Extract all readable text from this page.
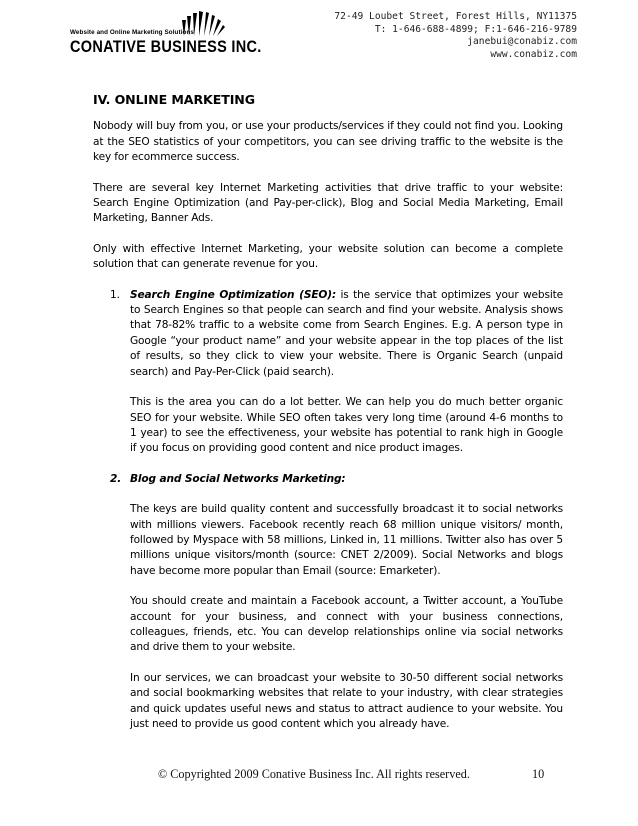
Website and Online Marketing Solutions
CONATIVE BUSINESS INC.
72-49 Loubet Street, Forest Hills, NY11375
T: 1-646-688-4899; F:1-646-216-9789
janebui@conabiz.com
www.conabiz.com
IV. ONLINE MARKETING

Nobody will buy from you, or use your products/services if they could not find you. Looking at the SEO statistics of your competitors, you can see driving traffic to the website is the key for ecommerce success.

There are several key Internet Marketing activities that drive traffic to your website: Search Engine Optimization (and Pay-per-click), Blog and Social Media Marketing, Email Marketing, Banner Ads.

Only with effective Internet Marketing, your website solution can become a complete solution that can generate revenue for you.

1. Search Engine Optimization (SEO): is the service that optimizes your website to Search Engines so that people can search and find your website. Analysis shows that 78-82% traffic to a website come from Search Engines. E.g. A person type in Google “your product name” and your website appear in the top places of the list of results, so they click to view your website. There is Organic Search (unpaid search) and Pay-Per-Click (paid search).

This is the area you can do a lot better. We can help you do much better organic SEO for your website. While SEO often takes very long time (around 4-6 months to 1 year) to see the effectiveness, your website has potential to rank high in Google if you focus on providing good content and nice product images.

2. Blog and Social Networks Marketing:

The keys are build quality content and successfully broadcast it to social networks with millions viewers. Facebook recently reach 68 million unique visitors/ month, followed by Myspace with 58 millions, Linked in, 11 millions. Twitter also has over 5 millions unique visitors/month (source: CNET 2/2009). Social Networks and blogs have become more popular than Email (source: Emarketer).

You should create and maintain a Facebook account, a Twitter account, a YouTube account for your business, and connect with your business connections, colleagues, friends, etc. You can develop relationships online via social networks and drive them to your website.

In our services, we can broadcast your website to 30-50 different social networks and social bookmarking websites that relate to your industry, with clear strategies and quick updates useful news and status to attract audience to your website. You just need to provide us good content which you already have.

© Copyrighted 2009 Conative Business Inc. All rights reserved.	10
